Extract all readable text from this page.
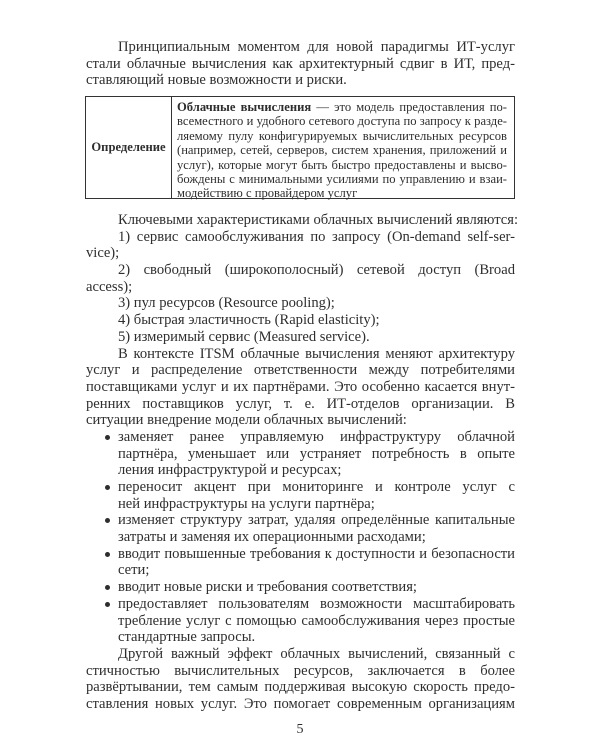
Принципиальным моментом для новой парадигмы ИТ-услуг
стали облачные вычисления как архитектурный сдвиг в ИТ, пред-
ставляющий новые возможности и риски.
Определение
Облачные вычисления — это модель предоставления по-
всеместного и удобного сетевого доступа по запросу к разде-
ляемому пулу конфигурируемых вычислительных ресурсов
(например, сетей, серверов, систем хранения, приложений и
услуг), которые могут быть быстро предоставлены и высво-
бождены с минимальными усилиями по управлению и взаи-
модействию с провайдером услуг
Ключевыми характеристиками облачных вычислений являются:
1) сервис самообслуживания по запросу (On-demand self-ser-
vice);
2) свободный (широкополосный) сетевой доступ (Broad
access);
3) пул ресурсов (Resource pooling);
4) быстрая эластичность (Rapid elasticity);
5) измеримый сервис (Measured service).
В контексте ITSM облачные вычисления меняют архитектуру
услуг и распределение ответственности между потребителями
поставщиками услуг и их партнёрами. Это особенно касается внут-
ренних поставщиков услуг, т. е. ИТ-отделов организации. В
ситуации внедрение модели облачных вычислений:
заменяет ранее управляемую инфраструктуру облачной
партнёра, уменьшает или устраняет потребность в опыте
ления инфраструктурой и ресурсах;
переносит акцент при мониторинге и контроле услуг с
ней инфраструктуры на услуги партнёра;
изменяет структуру затрат, удаляя определённые капитальные
затраты и заменяя их операционными расходами;
вводит повышенные требования к доступности и безопасности
сети;
вводит новые риски и требования соответствия;
предоставляет пользователям возможности масштабировать
требление услуг с помощью самообслуживания через простые
стандартные запросы.
Другой важный эффект облачных вычислений, связанный с
стичностью вычислительных ресурсов, заключается в более
развёртывании, тем самым поддерживая высокую скорость предо-
ставления новых услуг. Это помогает современным организациям
5
